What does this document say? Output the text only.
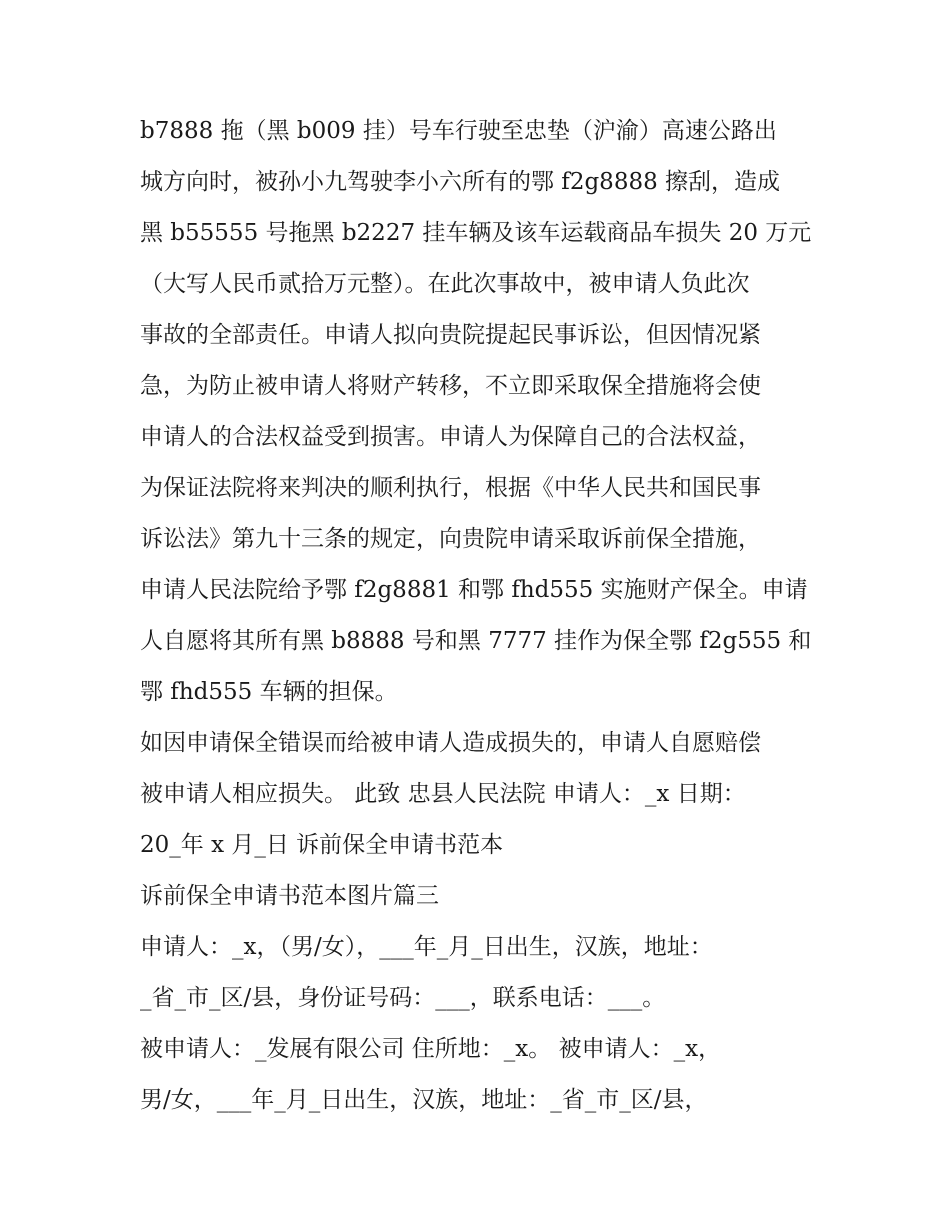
b7888 拖（黑 b009 挂）号车行驶至忠垫（沪渝）高速公路出
城方向时，被孙小九驾驶李小六所有的鄂 f2g8888 擦刮，造成
黑 b55555 号拖黑 b2227 挂车辆及该车运载商品车损失 20 万元
（大写人民币贰拾万元整）。在此次事故中，被申请人负此次
事故的全部责任。申请人拟向贵院提起民事诉讼，但因情况紧
急，为防止被申请人将财产转移，不立即采取保全措施将会使
申请人的合法权益受到损害。申请人为保障自己的合法权益，
为保证法院将来判决的顺利执行，根据《中华人民共和国民事
诉讼法》第九十三条的规定，向贵院申请采取诉前保全措施，
申请人民法院给予鄂 f2g8881 和鄂 fhd555 实施财产保全。申请
人自愿将其所有黑 b8888 号和黑 7777 挂作为保全鄂 f2g555 和
鄂 fhd555 车辆的担保。
如因申请保全错误而给被申请人造成损失的，申请人自愿赔偿
被申请人相应损失。 此致 忠县人民法院 申请人：_x 日期：
20_年 x 月_日 诉前保全申请书范本
诉前保全申请书范本图片篇三
申请人：_x，（男/女），___年_月_日出生，汉族，地址：
_省_市_区/县，身份证号码：___，联系电话：___。
被申请人：_发展有限公司 住所地：_x。 被申请人：_x，
男/女，___年_月_日出生，汉族，地址：_省_市_区/县，
